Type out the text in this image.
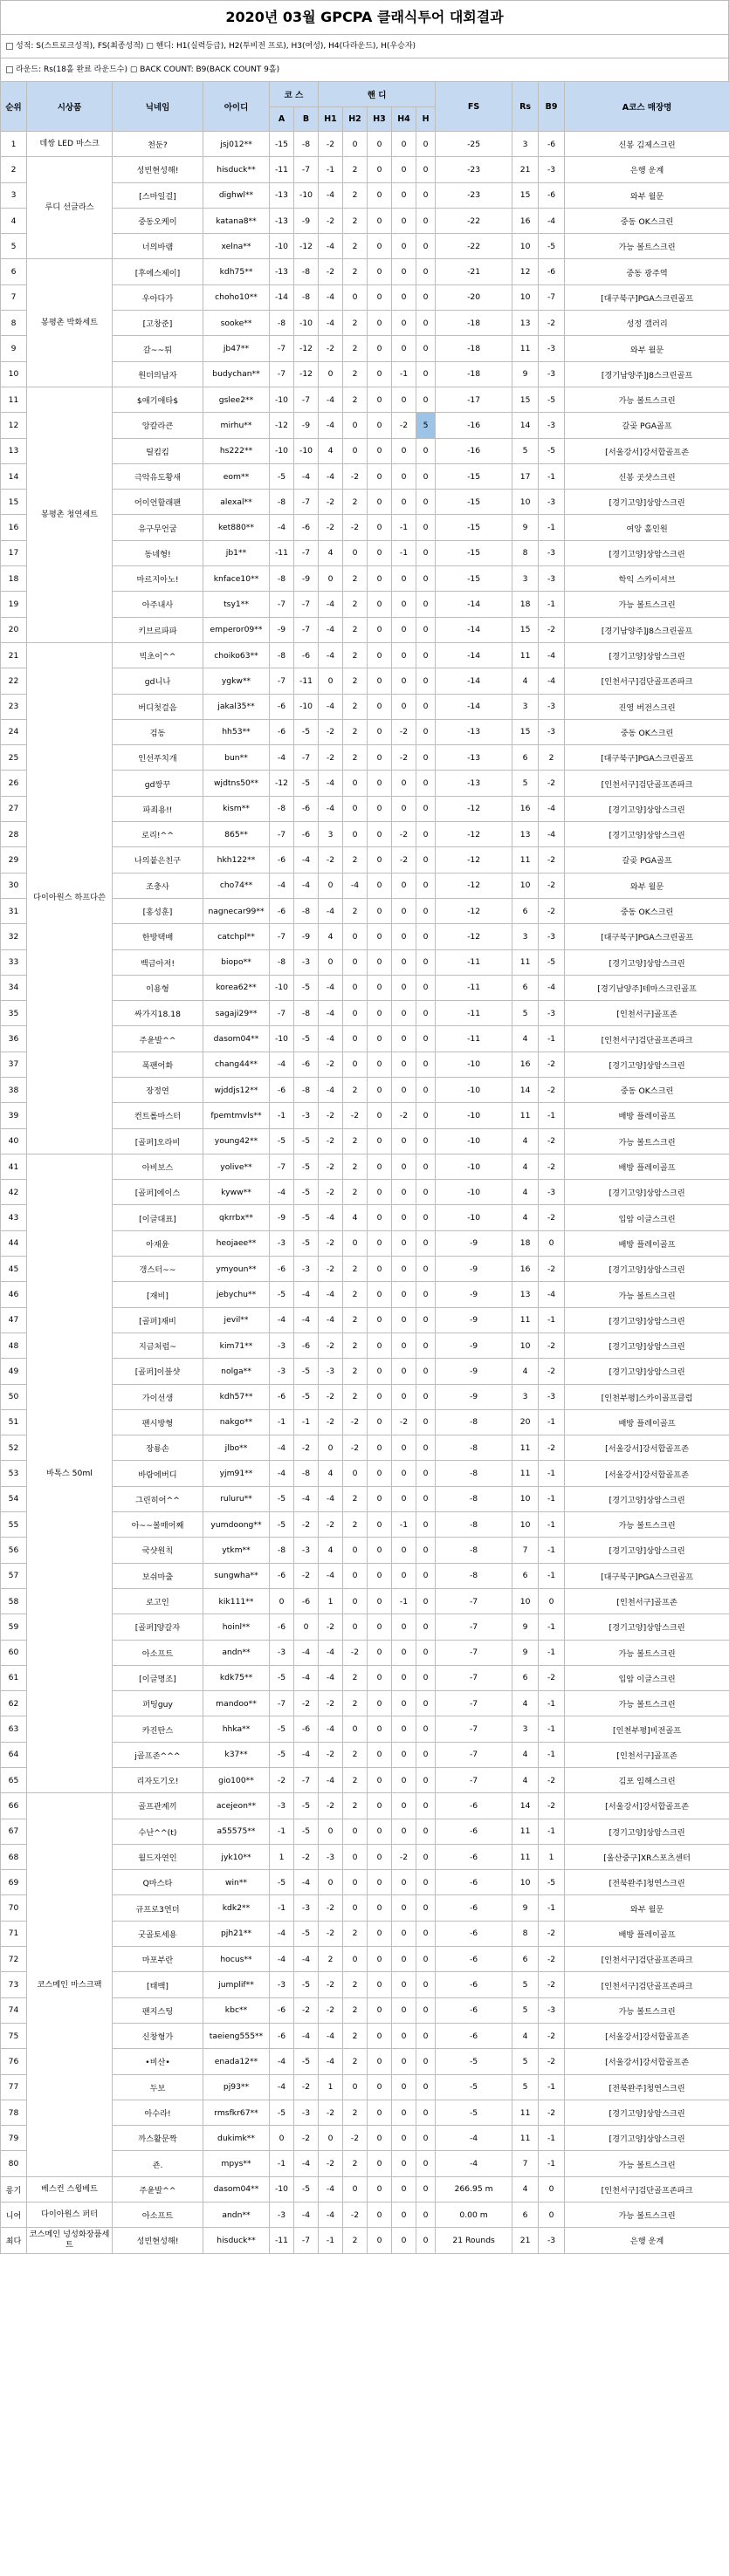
2020년 03월 GPCPA 클래식투어 대회결과
성적: S(스트로크성적), FS(최종성적) ▢ 핸디: H1(실력등급), H2(투비전 프로), H3(여성), H4(다라운드), H(우승자)
라운드: Rs(18홀 완료 라운드수) ▢ BACK COUNT: B9(BACK COUNT 9홀)
순위	시상품	닉네임	아이디	코 스		핸 디					FS	Rs	B9	A코스 매장명
				A	B	H1	H2	H3	H4	H				
1	데쌍 LED 마스크	천둔?	jsj012**	-15	-8	-2	0	0	0	0	-25	3	-6	신봉 김제스크린
2	루디 선글라스	성빈현성해!	hisduck**	-11	-7	-1	2	0	0	0	-23	21	-3	은행 운계
3		[스마일걸]	dighwl**	-13	-10	-4	2	0	0	0	-23	15	-6	와부 월문
4		중동오케이	katana8**	-13	-9	-2	2	0	0	0	-22	16	-4	중동 OK스크린
5		너의바램	xelna**	-10	-12	-4	2	0	0	0	-22	10	-5	가능 볼트스크린
6	봉평촌 박화세트	[후에스제이]	kdh75**	-13	-8	-2	2	0	0	0	-21	12	-6	중동 광주역
7		우아다가	choho10**	-14	-8	-4	0	0	0	0	-20	10	-7	[대구북구]PGA스크린골프
8		[고창준]	sooke**	-8	-10	-4	2	0	0	0	-18	13	-2	성정 갤러리
9		갈~~튀	jb47**	-7	-12	-2	2	0	0	0	-18	11	-3	와부 월문
10		원더의남자	budychan**	-7	-12	0	2	0	-1	0	-18	9	-3	[경기남양주]J8스크린골프
11	봉평촌 청연세트	$애기애타$	gslee2**	-10	-7	-4	2	0	0	0	-17	15	-5	가능 볼트스크린
12		앙칼라큰	mirhu**	-12	-9	-4	0	0	-2	5	-16	14	-3	갈곶 PGA골프
13		틸킴킴	hs222**	-10	-10	4	0	0	0	0	-16	5	-5	[서울강서]강서합골프존
14		극악유도황새	eom**	-5	-4	-4	-2	0	0	0	-15	17	-1	신봉 곳샷스크린
15		어이언할래팬	alexal**	-8	-7	-2	2	0	0	0	-15	10	-3	[경기고양]상암스크린
16		유구무언굴	ket880**	-4	-6	-2	-2	0	-1	0	-15	9	-1	여앙 홀인원
17		동네형!	jb1**	-11	-7	4	0	0	-1	0	-15	8	-3	[경기고양]상암스크린
18		마르지아노!	knface10**	-8	-9	0	2	0	0	0	-15	3	-3	학익 스카이셔브
19		아주내사	tsy1**	-7	-7	-4	2	0	0	0	-14	18	-1	가능 볼트스크린
20		키브르파파	emperor09**	-9	-7	-4	2	0	0	0	-14	15	-2	[경기남양주]J8스크린골프
21	다이아원스 하프다쓴	빅초이^^	choiko63**	-8	-6	-4	2	0	0	0	-14	11	-4	[경기고양]상암스크린
22		gd니나	ygkw**	-7	-11	0	2	0	0	0	-14	4	-4	[인천서구]검단골프존파크
23		버디첫걸음	jakal35**	-6	-10	-4	2	0	0	0	-14	3	-3	진영 버전스크린
24		검동	hh53**	-6	-5	-2	2	0	-2	0	-13	15	-3	중동 OK스크린
25		인선푸치개	bun**	-4	-7	-2	2	0	-2	0	-13	6	2	[대구북구]PGA스크린골프
26		gd쌍꾸	wjdtns50**	-12	-5	-4	0	0	0	0	-13	5	-2	[인천서구]검단골프존파크
27		파죄용!!	kism**	-8	-6	-4	0	0	0	0	-12	16	-4	[경기고양]상암스크린
28		로리!^^	865**	-7	-6	3	0	0	-2	0	-12	13	-4	[경기고양]상암스크린
29		나의붙은친구	hkh122**	-6	-4	-2	2	0	-2	0	-12	11	-2	갈곶 PGA골프
30		조충사	cho74**	-4	-4	0	-4	0	0	0	-12	10	-2	와부 월문
31		[홍성훈]	nagnecar99**	-6	-8	-4	2	0	0	0	-12	6	-2	중동 OK스크린
32		한방택배	catchpl**	-7	-9	4	0	0	0	0	-12	3	-3	[대구북구]PGA스크린골프
33		백금아저!	biopo**	-8	-3	0	0	0	0	0	-11	11	-5	[경기고양]상암스크린
34		이용형	korea62**	-10	-5	-4	0	0	0	0	-11	6	-4	[경기남양주]테마스크린골프
35		싸가지18.18	sagaji29**	-7	-8	-4	0	0	0	0	-11	5	-3	[인천서구]골프존
36		주윤발^^	dasom04**	-10	-5	-4	0	0	0	0	-11	4	-1	[인천서구]검단골프존파크
37		폭팬어화	chang44**	-4	-6	-2	0	0	0	0	-10	16	-2	[경기고양]상암스크린
38		장정연	wjddjs12**	-6	-8	-4	2	0	0	0	-10	14	-2	중동 OK스크린
39		컨트롤마스터	fpemtmvls**	-1	-3	-2	-2	0	-2	0	-10	11	-1	배방 플레이골프
40		[골퍼]오라비	young42**	-5	-5	-2	2	0	0	0	-10	4	-2	가능 볼트스크린
41	바톡스 50ml	아비보스	yolive**	-7	-5	-2	2	0	0	0	-10	4	-2	배방 플레이골프
42		[골퍼]에이스	kyww**	-4	-5	-2	2	0	0	0	-10	4	-3	[경기고양]상암스크린
43		[이글대표]	qkrrbx**	-9	-5	-4	4	0	0	0	-10	4	-2	입암 이글스크린
44		아재윤	heojaee**	-3	-5	-2	0	0	0	0	-9	18	0	배방 플레이골프
45		갱스터~~	ymyoun**	-6	-3	-2	2	0	0	0	-9	16	-2	[경기고양]상암스크린
46		[재비]	jebychu**	-5	-4	-4	2	0	0	0	-9	13	-4	가능 볼트스크린
47		[골퍼]재비	jevil**	-4	-4	-4	2	0	0	0	-9	11	-1	[경기고양]상암스크린
48		지금처럼~	kim71**	-3	-6	-2	2	0	0	0	-9	10	-2	[경기고양]상암스크린
49		[골퍼]이블샷	nolga**	-3	-5	-3	2	0	0	0	-9	4	-2	[경기고양]상암스크린
50		가이선생	kdh57**	-6	-5	-2	2	0	0	0	-9	3	-3	[인천부평]스카이골프클럽
51		팬시방형	nakgo**	-1	-1	-2	-2	0	-2	0	-8	20	-1	배방 플레이골프
52		장룡손	jlbo**	-4	-2	0	-2	0	0	0	-8	11	-2	[서울강서]강서합골프존
53		바람에버디	yjm91**	-4	-8	4	0	0	0	0	-8	11	-1	[서울강서]강서합골프존
54		그린히어^^	ruluru**	-5	-4	-4	2	0	0	0	-8	10	-1	[경기고양]상암스크린
55		아~~볼매어째	yumdoong**	-5	-2	-2	2	0	-1	0	-8	10	-1	가능 볼트스크린
56		국샷원칙	ytkm**	-8	-3	4	0	0	0	0	-8	7	-1	[경기고양]상암스크린
57		보쉬마출	sungwha**	-6	-2	-4	0	0	0	0	-8	6	-1	[대구북구]PGA스크린골프
58		로고인	kik111**	0	-6	1	0	0	-1	0	-7	10	0	[인천서구]골프존
59		[골퍼]양갈자	hoinl**	-6	0	-2	0	0	0	0	-7	9	-1	[경기고양]상암스크린
60		아소프트	andn**	-3	-4	-4	-2	0	0	0	-7	9	-1	가능 볼트스크린
61		[이글명조]	kdk75**	-5	-4	-4	2	0	0	0	-7	6	-2	입암 이글스크린
62		퍼팅guy	mandoo**	-7	-2	-2	2	0	0	0	-7	4	-1	가능 볼트스크린
63		카진탄스	hhka**	-5	-6	-4	0	0	0	0	-7	3	-1	[인천부평]비전골프
64		j골프존^^^	k37**	-5	-4	-2	2	0	0	0	-7	4	-1	[인천서구]골프존
65		리자도기오!	gio100**	-2	-7	-4	2	0	0	0	-7	4	-2	김포 임해스크린
66	코스메인 마스크팩	골프관계끼	acejeon**	-3	-5	-2	2	0	0	0	-6	14	-2	[서울강서]강서합골프존
67		수난^^(t)	a55575**	-1	-5	0	0	0	0	0	-6	11	-1	[경기고양]상암스크린
68		월드자연인	jyk10**	1	-2	-3	0	0	-2	0	-6	11	1	[울산중구]XR스포츠센터
69		Q마스타	win**	-5	-4	0	0	0	0	0	-6	10	-5	[전북완주]청연스크린
70		규프로3연더	kdk2**	-1	-3	-2	0	0	0	0	-6	9	-1	와부 월문
71		굿골토세용	pjh21**	-4	-5	-2	2	0	0	0	-6	8	-2	배방 플레이골프
72		마포부란	hocus**	-4	-4	2	0	0	0	0	-6	6	-2	[인천서구]검단골프존파크
73		[태백]	jumplif**	-3	-5	-2	2	0	0	0	-6	5	-2	[인천서구]검단골프존파크
74		팬지스팅	kbc**	-6	-2	-2	2	0	0	0	-6	5	-3	가능 볼트스크린
75		신창형가	taeieng555**	-6	-4	-4	2	0	0	0	-6	4	-2	[서울강서]강서합골프존
76		•비산•	enada12**	-4	-5	-4	2	0	0	0	-5	5	-2	[서울강서]강서합골프존
77		두보	pj93**	-4	-2	1	0	0	0	0	-5	5	-1	[전북완주]청연스크린
78		아수라!	rmsfkr67**	-5	-3	-2	2	0	0	0	-5	11	-2	[경기고양]상암스크린
79		까스활문짝	dukimk**	0	-2	0	-2	0	0	0	-4	11	-1	[경기고양]상암스크린
80		죤.	mpys**	-1	-4	-2	2	0	0	0	-4	7	-1	가능 볼트스크린
롱기	베스컨 스윙베트	주윤발^^	dasom04**	-10	-5	-4	0	0	0	0	266.95 m	4	0	[인천서구]검단골프존파크
니어	다이아원스 퍼터	아소프트	andn**	-3	-4	-4	-2	0	0	0	0.00 m	6	0	가능 볼트스크린
최다	코스메인 넝성화장품세트	성빈현성해!	hisduck**	-11	-7	-1	2	0	0	0	21 Rounds	21	-3	은행 운계
